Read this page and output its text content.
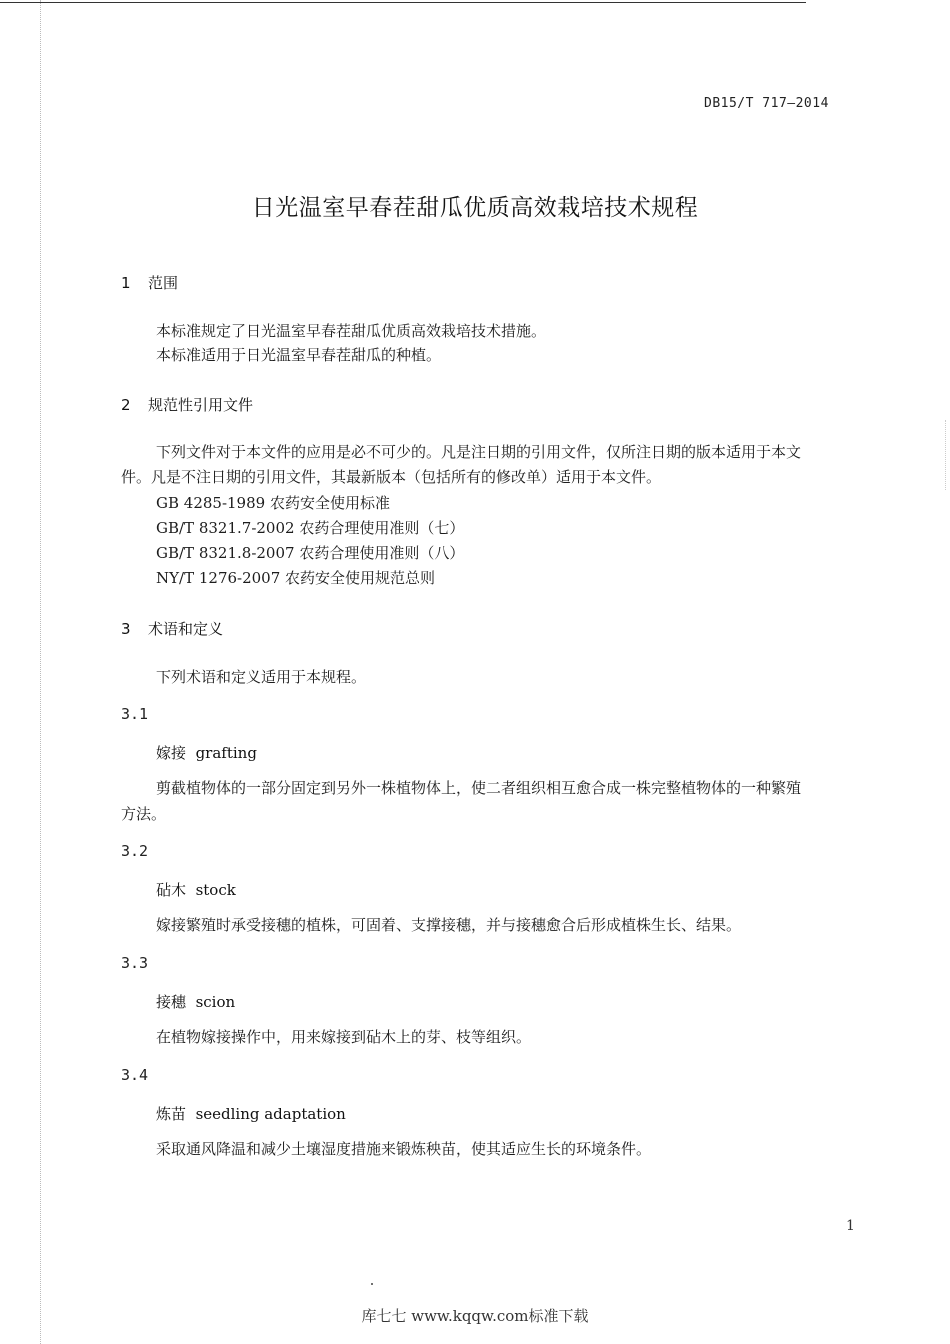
DB15/T 717—2014
日光温室早春茬甜瓜优质高效栽培技术规程
1 范围
本标准规定了日光温室早春茬甜瓜优质高效栽培技术措施。
本标准适用于日光温室早春茬甜瓜的种植。
2 规范性引用文件
下列文件对于本文件的应用是必不可少的。凡是注日期的引用文件，仅所注日期的版本适用于本文
件。凡是不注日期的引用文件，其最新版本（包括所有的修改单）适用于本文件。
GB 4285-1989 农药安全使用标准
GB/T 8321.7-2002 农药合理使用准则（七）
GB/T 8321.8-2007 农药合理使用准则（八）
NY/T 1276-2007 农药安全使用规范总则
3 术语和定义
下列术语和定义适用于本规程。
3.1
嫁接 grafting
剪截植物体的一部分固定到另外一株植物体上，使二者组织相互愈合成一株完整植物体的一种繁殖
方法。
3.2
砧木 stock
嫁接繁殖时承受接穗的植株，可固着、支撑接穗，并与接穗愈合后形成植株生长、结果。
3.3
接穗 scion
在植物嫁接操作中，用来嫁接到砧木上的芽、枝等组织。
3.4
炼苗 seedling adaptation
采取通风降温和减少土壤湿度措施来锻炼秧苗，使其适应生长的环境条件。
1
库七七 www.kqqw.com标准下载
